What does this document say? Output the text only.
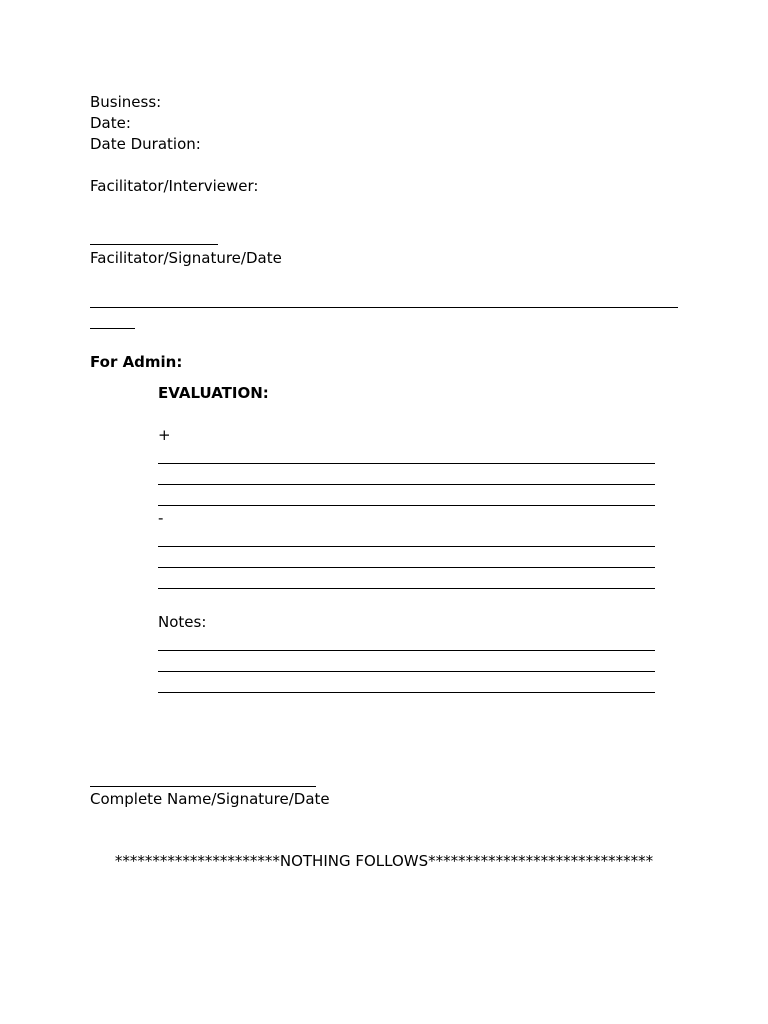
Business:
Date:
Date Duration:
Facilitator/Interviewer:
Facilitator/Signature/Date
For Admin:
EVALUATION:
+
-
Notes:
Complete Name/Signature/Date
**********************NOTHING FOLLOWS******************************
